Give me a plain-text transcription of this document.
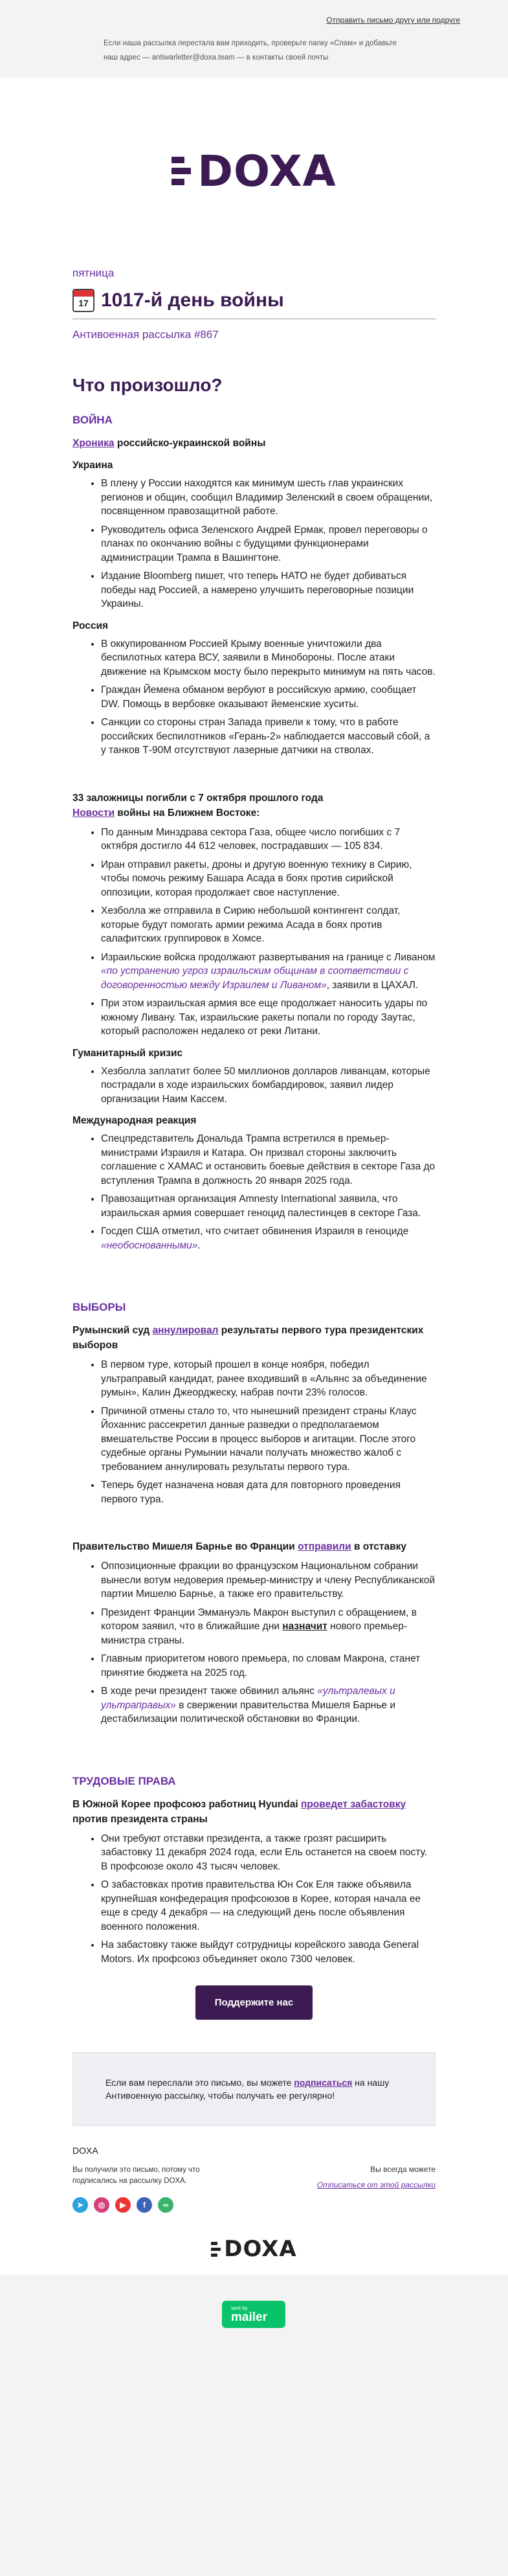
Отправить письмо другу или подруге
Если наша рассылка перестала вам приходить, проверьте папку «Спам» и добавьте наш адрес — antiwarletter@doxa.team — в контакты своей почты
DOXA
пятница
17 1017-й день войны
Антивоенная рассылка #867
Что произошло?
ВОЙНА
Хроника российско-украинской войны
Украина
• В плену у России находятся как минимум шесть глав украинских регионов и общин, сообщил Владимир Зеленский в своем обращении, посвященном правозащитной работе.
• Руководитель офиса Зеленского Андрей Ермак, провел переговоры о планах по окончанию войны с будущими функционерами администрации Трампа в Вашингтоне.
• Издание Bloomberg пишет, что теперь НАТО не будет добиваться победы над Россией, а намерено улучшить переговорные позиции Украины.
Россия
• В оккупированном Россией Крыму военные уничтожили два беспилотных катера ВСУ, заявили в Минобороны. После атаки движение на Крымском мосту было перекрыто минимум на пять часов.
• Граждан Йемена обманом вербуют в российскую армию, сообщает DW. Помощь в вербовке оказывают йеменские хуситы.
• Санкции со стороны стран Запада привели к тому, что в работе российских беспилотников «Герань-2» наблюдается массовый сбой, а у танков Т-90М отсутствуют лазерные датчики на стволах.
33 заложницы погибли с 7 октября прошлого года
Новости войны на Ближнем Востоке:
• По данным Минздрава сектора Газа, общее число погибших с 7 октября достигло 44 612 человек, пострадавших — 105 834.
• Иран отправил ракеты, дроны и другую военную технику в Сирию, чтобы помочь режиму Башара Асада в боях против сирийской оппозиции, которая продолжает свое наступление.
• Хезболла же отправила в Сирию небольшой контингент солдат, которые будут помогать армии режима Асада в боях против салафитских группировок в Хомсе.
• Израильские войска продолжают развертывания на границе с Ливаном «по устранению угроз израильским общинам в соответствии с договоренностью между Израилем и Ливаном», заявили в ЦАХАЛ.
• При этом израильская армия все еще продолжает наносить удары по южному Ливану. Так, израильские ракеты попали по городу Заутас, который расположен недалеко от реки Литани.
Гуманитарный кризис
• Хезболла заплатит более 50 миллионов долларов ливанцам, которые пострадали в ходе израильских бомбардировок, заявил лидер организации Наим Кассем.
Международная реакция
• Спецпредставитель Дональда Трампа встретился в премьер-министрами Израиля и Катара. Он призвал стороны заключить соглашение с ХАМАС и остановить боевые действия в секторе Газа до вступления Трампа в должность 20 января 2025 года.
• Правозащитная организация Amnesty International заявила, что израильская армия совершает геноцид палестинцев в секторе Газа.
• Госдеп США отметил, что считает обвинения Израиля в геноциде «необоснованными».
ВЫБОРЫ
Румынский суд аннулировал результаты первого тура президентских выборов
• В первом туре, который прошел в конце ноября, победил ультраправый кандидат, ранее входивший в «Альянс за объединение румын», Калин Джеорджеску, набрав почти 23% голосов.
• Причиной отмены стало то, что нынешний президент страны Клаус Йоханнис рассекретил данные разведки о предполагаемом вмешательстве России в процесс выборов и агитации. После этого судебные органы Румынии начали получать множество жалоб с требованием аннулировать результаты первого тура.
• Теперь будет назначена новая дата для повторного проведения первого тура.
Правительство Мишеля Барнье во Франции отправили в отставку
• Оппозиционные фракции во французском Национальном собрании вынесли вотум недоверия премьер-министру и члену Республиканской партии Мишелю Барнье, а также его правительству.
• Президент Франции Эммануэль Макрон выступил с обращением, в котором заявил, что в ближайшие дни назначит нового премьер-министра страны.
• Главным приоритетом нового премьера, по словам Макрона, станет принятие бюджета на 2025 год.
• В ходе речи президент также обвинил альянс «ультралевых и ультраправых» в свержении правительства Мишеля Барнье и дестабилизации политической обстановки во Франции.
ТРУДОВЫЕ ПРАВА
В Южной Корее профсоюз работниц Hyundai проведет забастовку против президента страны
• Они требуют отставки президента, а также грозят расширить забастовку 11 декабря 2024 года, если Ель останется на своем посту. В профсоюзе около 43 тысяч человек.
• О забастовках против правительства Юн Сок Еля также объявила крупнейшая конфедерация профсоюзов в Корее, которая начала ее еще в среду 4 декабря — на следующий день после объявления военного положения.
• На забастовку также выйдут сотрудницы корейского завода General Motors. Их профсоюз объединяет около 7300 человек.
Поддержите нас
Если вам переслали это письмо, вы можете подписаться на нашу Антивоенную рассылку, чтобы получать ее регулярно!
DOXA
Вы получили это письмо, потому что подписались на рассылку DOXA.
➤	◎	▶	f	∞
Вы всегда можете
Отписаться от этой рассылки
DOXA
sent by
mailer
